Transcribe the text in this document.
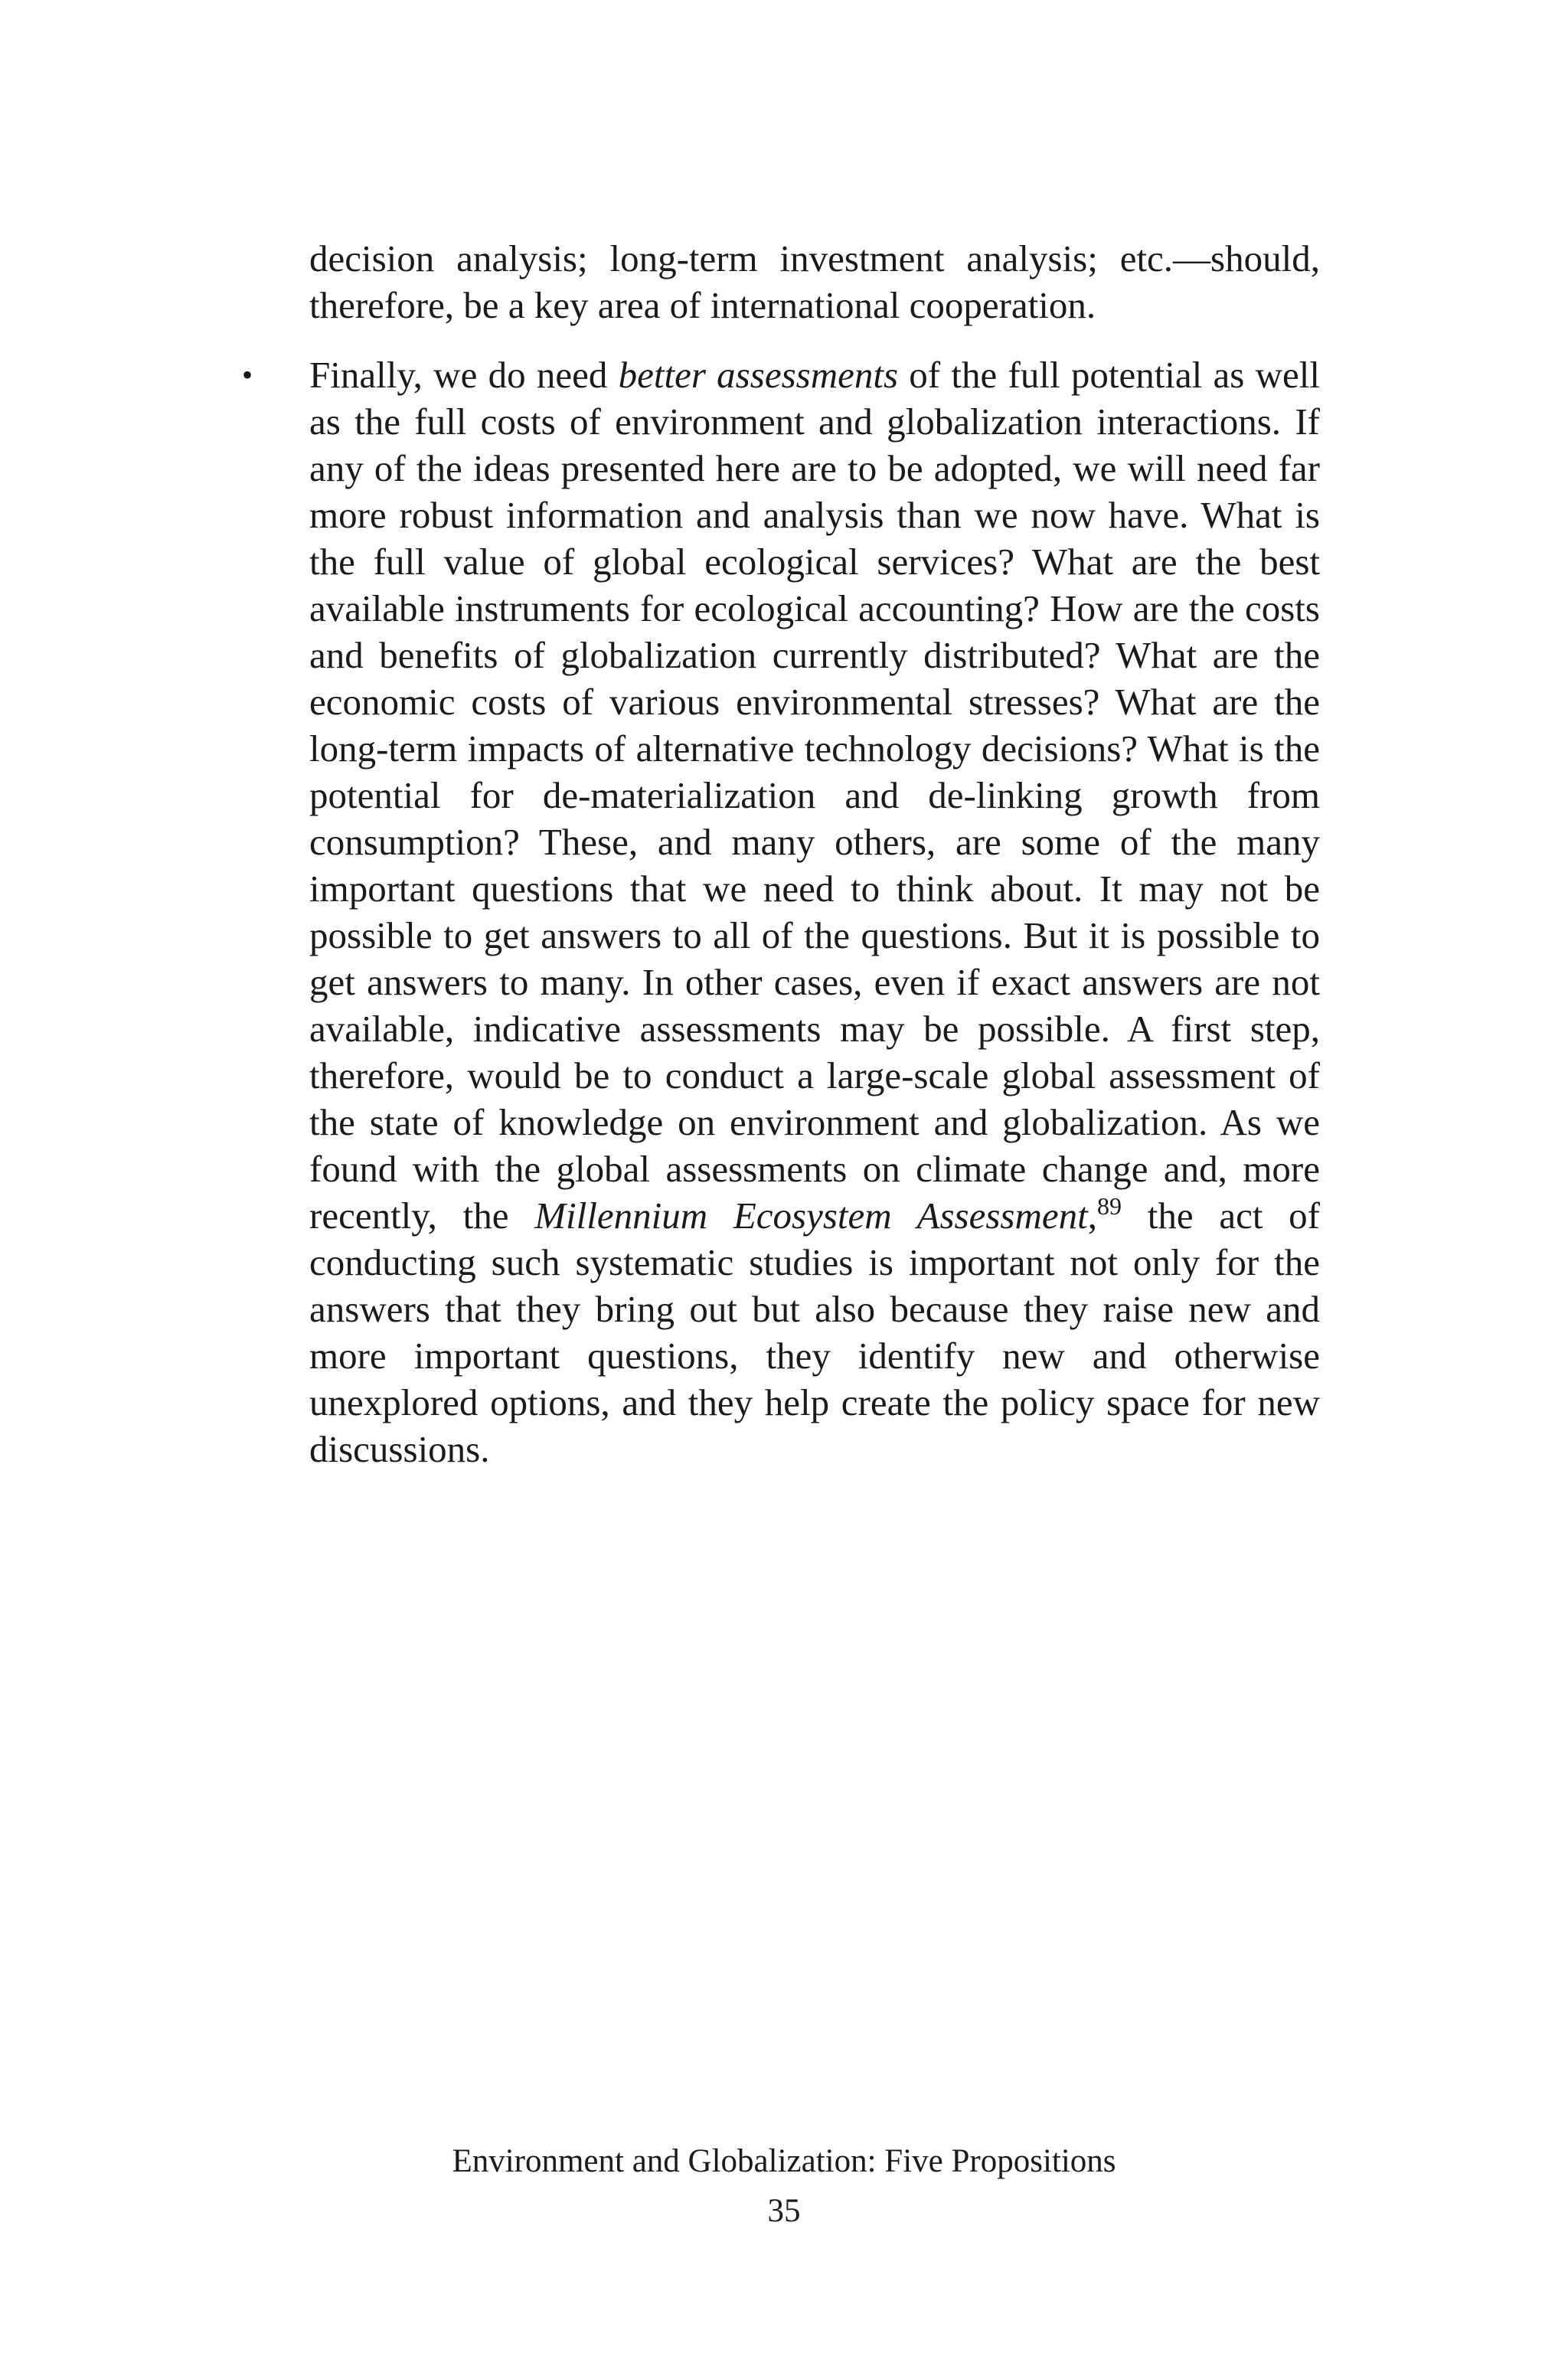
decision analysis; long-term investment analysis; etc.—should, therefore, be a key area of international cooperation.

• Finally, we do need better assessments of the full potential as well as the full costs of environment and globalization interactions. If any of the ideas presented here are to be adopted, we will need far more robust information and analysis than we now have. What is the full value of global ecological services? What are the best available instruments for ecological accounting? How are the costs and benefits of globalization currently distributed? What are the economic costs of various environmental stresses? What are the long-term impacts of alternative technology decisions? What is the potential for de-materialization and de-linking growth from consumption? These, and many others, are some of the many important questions that we need to think about. It may not be possible to get answers to all of the questions. But it is possible to get answers to many. In other cases, even if exact answers are not available, indicative assessments may be possible. A first step, therefore, would be to conduct a large-scale global assessment of the state of knowledge on environment and globalization. As we found with the global assessments on climate change and, more recently, the Millennium Ecosystem Assessment,$^{89}$ the act of conducting such systematic studies is important not only for the answers that they bring out but also because they raise new and more important questions, they identify new and otherwise unexplored options, and they help create the policy space for new discussions.

Environment and Globalization: Five Propositions
35
